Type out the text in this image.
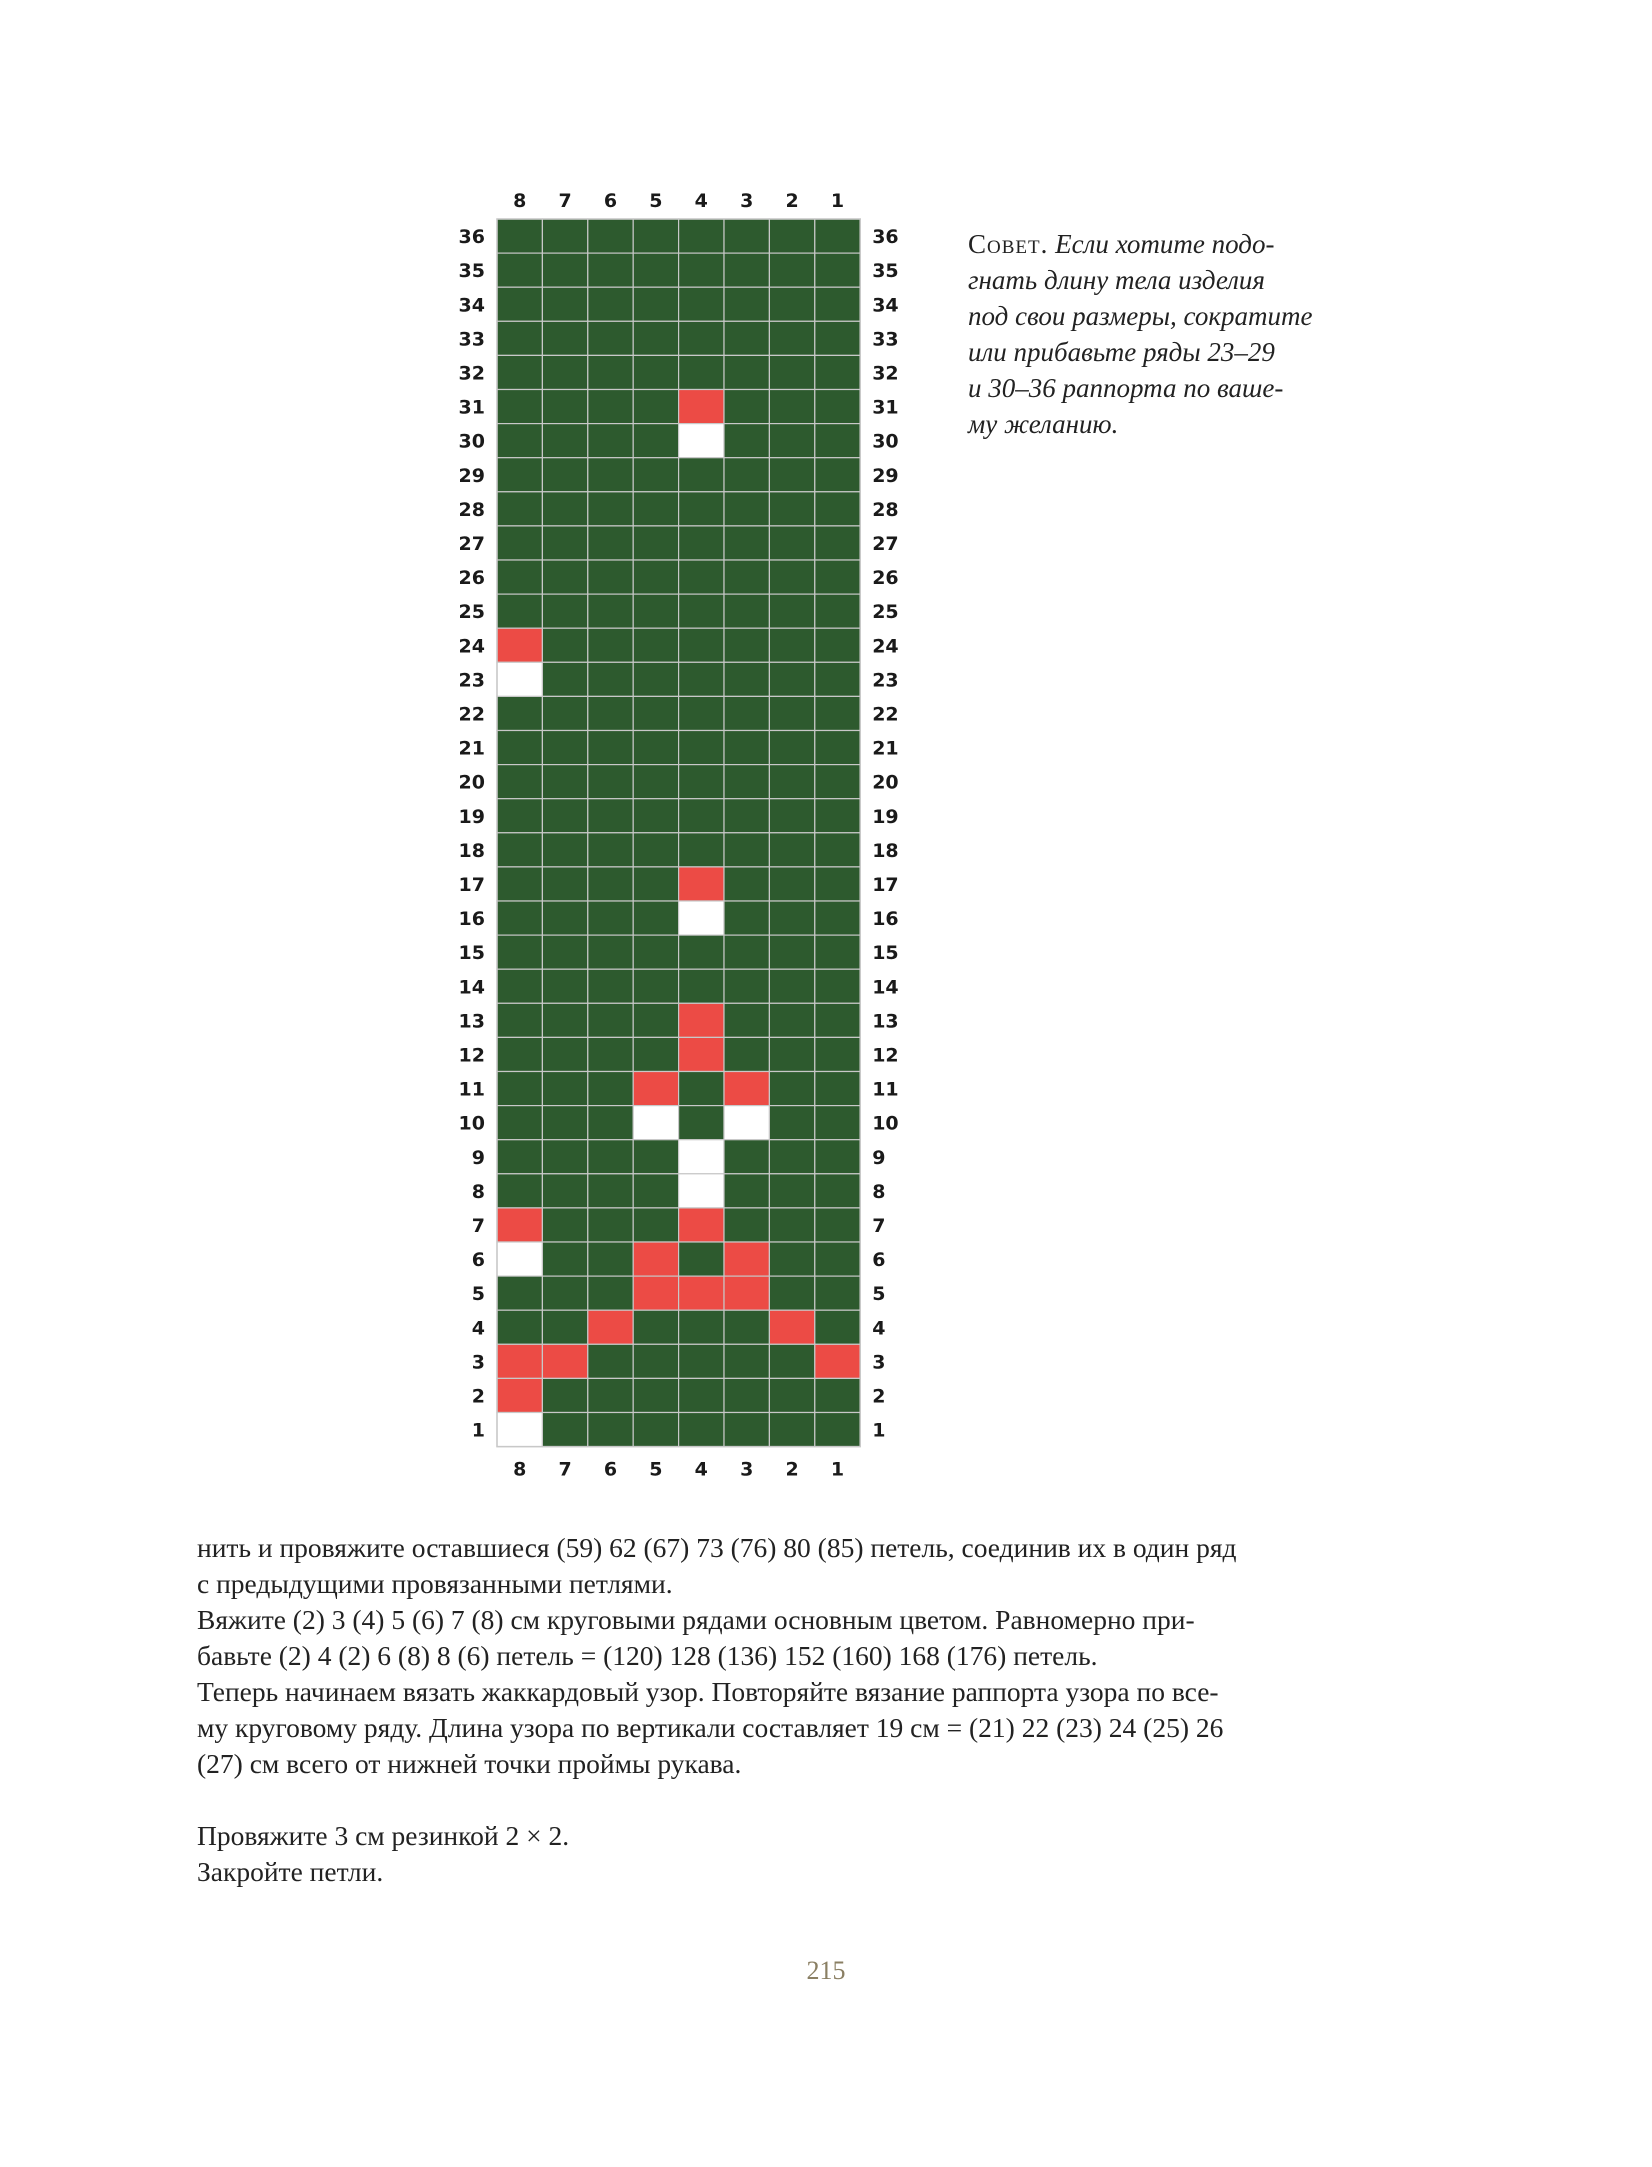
8 7 6 5 4 3 2 1
8 7 6 5 4 3 2 1
36	36
35	35
34	34
33	33
32	32
31	31
30	30
29	29
28	28
27	27
26	26
25	25
24	24
23	23
22	22
21	21
20	20
19	19
18	18
17	17
16	16
15	15
14	14
13	13
12	12
11	11
10	10
9	9
8	8
7	7
6	6
5	5
4	4
3	3
2	2
1	1
Совет. Если хотите подо-
гнать длину тела изделия
под свои размеры, сократите
или прибавьте ряды 23–29
и 30–36 раппорта по ваше-
му желанию.

нить и провяжите оставшиеся (59) 62 (67) 73 (76) 80 (85) петель, соединив их в один ряд

с предыдущими провязанными петлями.

Вяжите (2) 3 (4) 5 (6) 7 (8) см круговыми рядами основным цветом. Равномерно при-

бавьте (2) 4 (2) 6 (8) 8 (6) петель = (120) 128 (136) 152 (160) 168 (176) петель.

Теперь начинаем вязать жаккардовый узор. Повторяйте вязание раппорта узора по все-

му круговому ряду. Длина узора по вертикали составляет 19 см = (21) 22 (23) 24 (25) 26

(27) см всего от нижней точки проймы рукава.

Провяжите 3 см резинкой 2 × 2.

Закройте петли.

215
